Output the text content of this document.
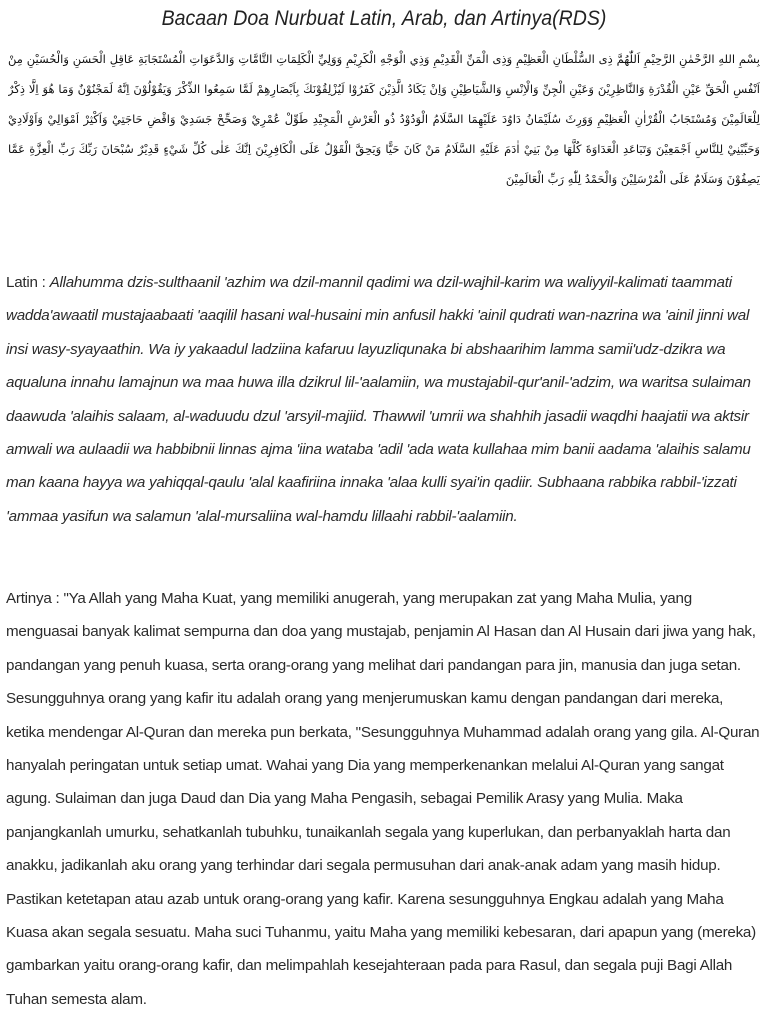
Bacaan Doa Nurbuat Latin, Arab, dan Artinya(RDS)

بِسْمِ اللهِ الرَّحْمٰنِ الرَّحِيْمِ اَللّٰهُمَّ ذِى السُّلْطَانِ الْعَظِيْمِ وَذِى الْمَنِّ الْقَدِيْمِ وَذِي الْوَجْهِ الْكَرِيْمِ وَوَلِيِّ الْكَلِمَاتِ التَّامَّاتِ وَالدَّعَوَاتِ الْمُسْتَجَابَةِ عَاقِلِ الْحَسَنِ وَالْحُسَيْنِ مِنْ اَنْفُسِ الْحَقِّ عَيْنِ الْقُدْرَةِ وَالنَّاظِرِيْنَ وَعَيْنِ الْجِنِّ وَالْاِنْسِ وَالشَّيَاطِيْنِ وَاِنْ يَكَادُ الَّذِيْنَ كَفَرُوْا لَيُزْلِقُوْنَكَ بِاَبْصَارِهِمْ لَمَّا سَمِعُوا الذِّكْرَ وَيَقُوْلُوْنَ اِنَّهُ لَمَجْنُوْنٌ وَمَا هُوَ اِلَّا ذِكْرٌ لِلْعَالَمِيْنَ وَمُسْتَجَابُ الْقُرْاٰنِ الْعَظِيْمِ وَوَرِثَ سُلَيْمَانُ دَاوُدَ عَلَيْهِمَا السَّلَامُ الْوَدُوْدُ ذُو الْعَرْشِ الْمَجِيْدِ طَوِّلْ عُمْرِيْ وَصَحِّحْ جَسَدِيْ وَاقْضِ حَاجَتِيْ وَاَكْثِرْ اَمْوَالِيْ وَاَوْلَادِيْ وَحَبِّبْنِيْ لِلنَّاسِ اَجْمَعِيْنَ وَتَبَاعَدِ الْعَدَاوَةَ كُلَّهَا مِنْ بَنِيْ اٰدَمَ عَلَيْهِ السَّلَامُ مَنْ كَانَ حَيًّا وَيَحِقَّ الْقَوْلُ عَلَى الْكَافِرِيْنَ اِنَّكَ عَلٰى كُلِّ شَيْءٍ قَدِيْرٌ سُبْحَانَ رَبِّكَ رَبِّ الْعِزَّةِ عَمَّا يَصِفُوْنَ وَسَلَامٌ عَلَى الْمُرْسَلِيْنَ وَالْحَمْدُ لِلّٰهِ رَبِّ الْعَالَمِيْنَ

Latin : Allahumma dzis-sulthaanil 'azhim wa dzil-mannil qadimi wa dzil-wajhil-karim wa waliyyil-kalimati taammati wadda'awaatil mustajaabaati 'aaqilil hasani wal-husaini min anfusil hakki 'ainil qudrati wan-nazrina wa 'ainil jinni wal insi wasy-syayaathin. Wa iy yakaadul ladziina kafaruu layuzliqunaka bi abshaarihim lamma samii'udz-dzikra wa aqualuna innahu lamajnun wa maa huwa illa dzikrul lil-'aalamiin, wa mustajabil-qur'anil-'adzim, wa waritsa sulaiman daawuda 'alaihis salaam, al-waduudu dzul 'arsyil-majiid. Thawwil 'umrii wa shahhih jasadii waqdhi haajatii wa aktsir amwali wa aulaadii wa habbibnii linnas ajma 'iina wataba 'adil 'ada wata kullahaa mim banii aadama 'alaihis salamu man kaana hayya wa yahiqqal-qaulu 'alal kaafiriina innaka 'alaa kulli syai'in qadiir. Subhaana rabbika rabbil-'izzati 'ammaa yasifun wa salamun 'alal-mursaliina wal-hamdu lillaahi rabbil-'aalamiin.

Artinya : "Ya Allah yang Maha Kuat, yang memiliki anugerah, yang merupakan zat yang Maha Mulia, yang menguasai banyak kalimat sempurna dan doa yang mustajab, penjamin Al Hasan dan Al Husain dari jiwa yang hak, pandangan yang penuh kuasa, serta orang-orang yang melihat dari pandangan para jin, manusia dan juga setan. Sesungguhnya orang yang kafir itu adalah orang yang menjerumuskan kamu dengan pandangan dari mereka, ketika mendengar Al-Quran dan mereka pun berkata, "Sesungguhnya Muhammad adalah orang yang gila. Al-Quran hanyalah peringatan untuk setiap umat. Wahai yang Dia yang memperkenankan melalui Al-Quran yang sangat agung. Sulaiman dan juga Daud dan Dia yang Maha Pengasih, sebagai Pemilik Arasy yang Mulia. Maka panjangkanlah umurku, sehatkanlah tubuhku, tunaikanlah segala yang kuperlukan, dan perbanyaklah harta dan anakku, jadikanlah aku orang yang terhindar dari segala permusuhan dari anak-anak adam yang masih hidup. Pastikan ketetapan atau azab untuk orang-orang yang kafir. Karena sesungguhnya Engkau adalah yang Maha Kuasa akan segala sesuatu. Maha suci Tuhanmu, yaitu Maha yang memiliki kebesaran, dari apapun yang (mereka) gambarkan yaitu orang-orang kafir, dan melimpahlah kesejahteraan pada para Rasul, dan segala puji Bagi Allah Tuhan semesta alam.
